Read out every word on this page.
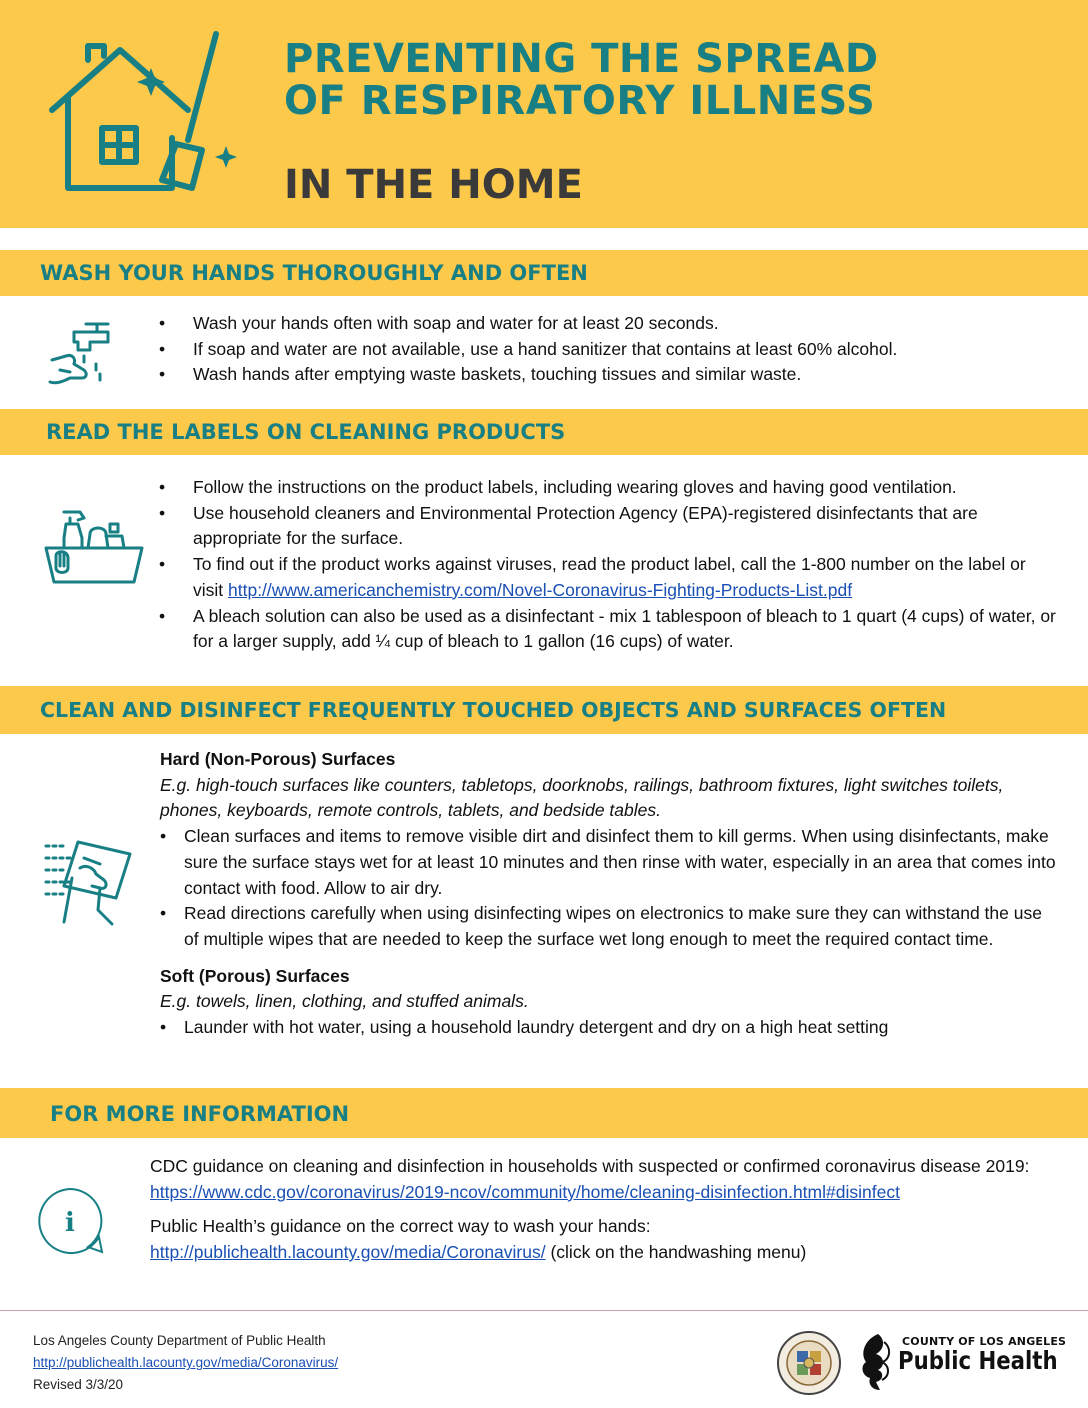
PREVENTING THE SPREAD
OF RESPIRATORY ILLNESS
IN THE HOME
WASH YOUR HANDS THOROUGHLY AND OFTEN
• Wash your hands often with soap and water for at least 20 seconds.
• If soap and water are not available, use a hand sanitizer that contains at least 60% alcohol.
• Wash hands after emptying waste baskets, touching tissues and similar waste.
READ THE LABELS ON CLEANING PRODUCTS
• Follow the instructions on the product labels, including wearing gloves and having good ventilation.
• Use household cleaners and Environmental Protection Agency (EPA)-registered disinfectants that are appropriate for the surface.
• To find out if the product works against viruses, read the product label, call the 1-800 number on the label or visit http://www.americanchemistry.com/Novel-Coronavirus-Fighting-Products-List.pdf
• A bleach solution can also be used as a disinfectant - mix 1 tablespoon of bleach to 1 quart (4 cups) of water, or for a larger supply, add ¼ cup of bleach to 1 gallon (16 cups) of water.
CLEAN AND DISINFECT FREQUENTLY TOUCHED OBJECTS AND SURFACES OFTEN
Hard (Non-Porous) Surfaces
E.g. high-touch surfaces like counters, tabletops, doorknobs, railings, bathroom fixtures, light switches toilets, phones, keyboards, remote controls, tablets, and bedside tables.
• Clean surfaces and items to remove visible dirt and disinfect them to kill germs. When using disinfectants, make sure the surface stays wet for at least 10 minutes and then rinse with water, especially in an area that comes into contact with food. Allow to air dry.
• Read directions carefully when using disinfecting wipes on electronics to make sure they can withstand the use of multiple wipes that are needed to keep the surface wet long enough to meet the required contact time.
Soft (Porous) Surfaces
E.g. towels, linen, clothing, and stuffed animals.
• Launder with hot water, using a household laundry detergent and dry on a high heat setting
FOR MORE INFORMATION
i
CDC guidance on cleaning and disinfection in households with suspected or confirmed coronavirus disease 2019:
https://www.cdc.gov/coronavirus/2019-ncov/community/home/cleaning-disinfection.html#disinfect
Public Health’s guidance on the correct way to wash your hands:
http://publichealth.lacounty.gov/media/Coronavirus/ (click on the handwashing menu)
Los Angeles County Department of Public Health
http://publichealth.lacounty.gov/media/Coronavirus/
Revised 3/3/20
COUNTY OF LOS ANGELES
Public Health
